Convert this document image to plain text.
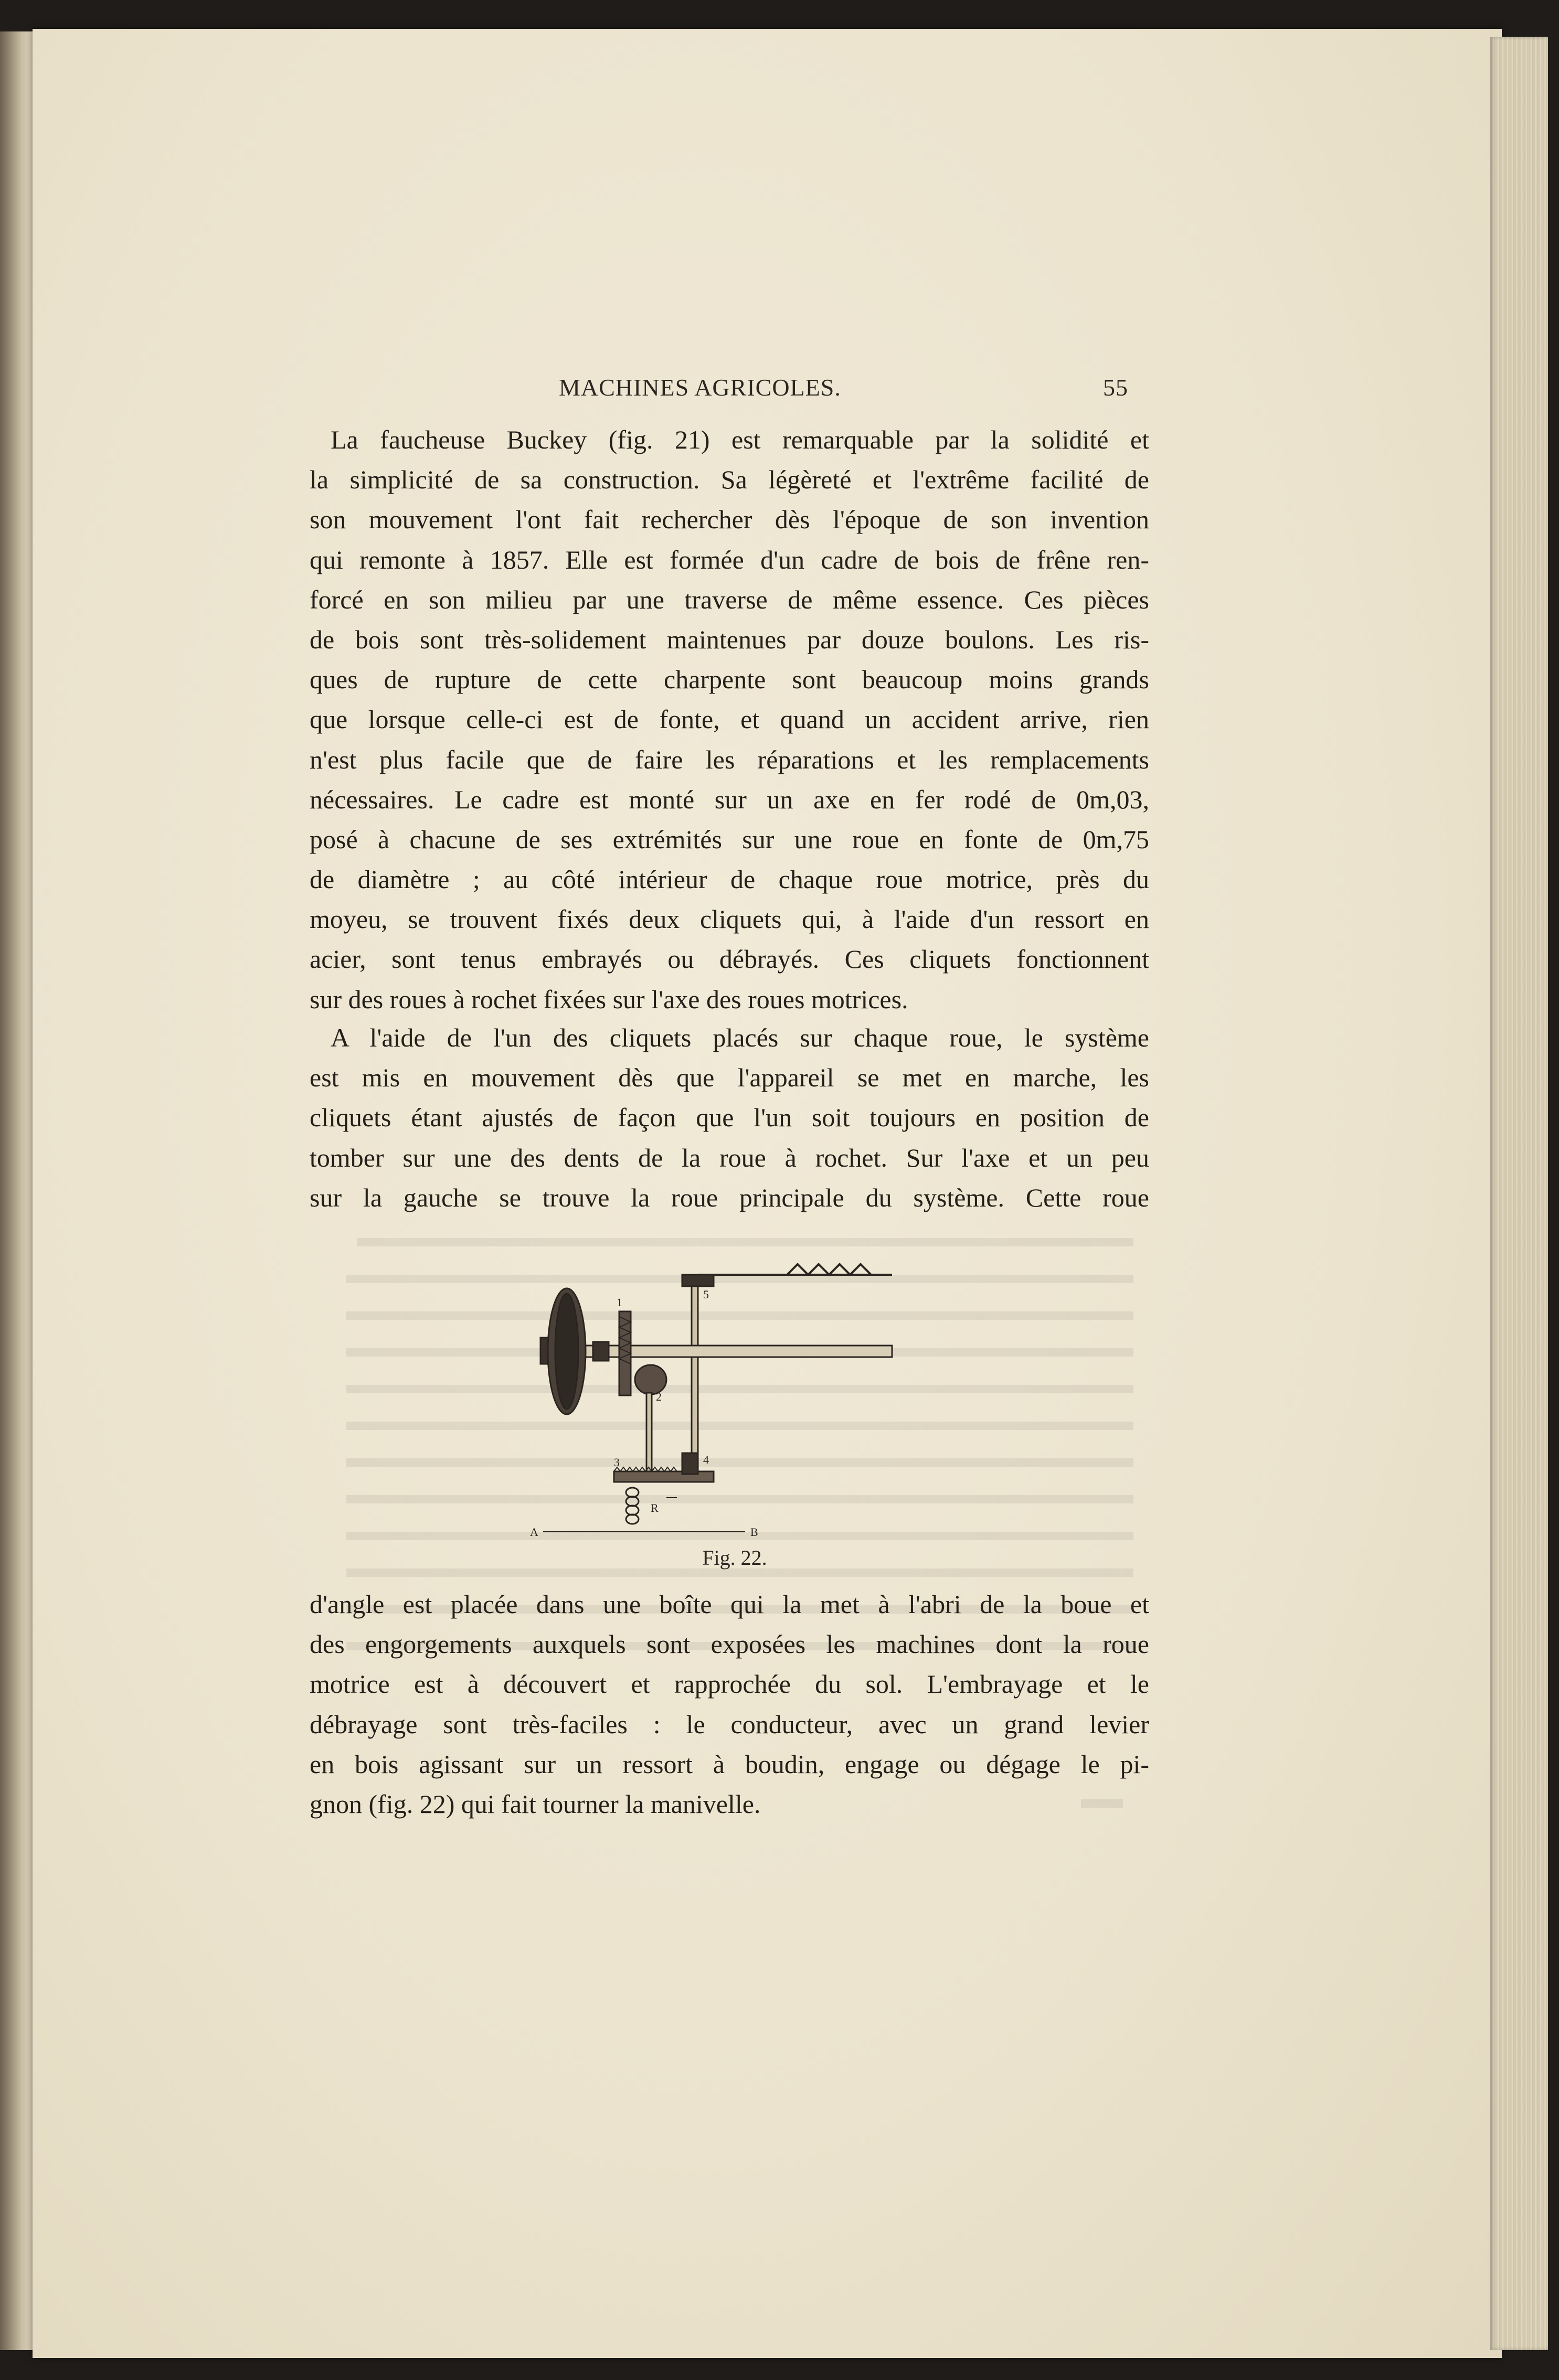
MACHINES AGRICOLES.	55
La faucheuse Buckey (fig. 21) est remarquable par la solidité et
la simplicité de sa construction. Sa légèreté et l'extrême facilité de
son mouvement l'ont fait rechercher dès l'époque de son invention
qui remonte à 1857. Elle est formée d'un cadre de bois de frêne ren-
forcé en son milieu par une traverse de même essence. Ces pièces
de bois sont très-solidement maintenues par douze boulons. Les ris-
ques de rupture de cette charpente sont beaucoup moins grands
que lorsque celle-ci est de fonte, et quand un accident arrive, rien
n'est plus facile que de faire les réparations et les remplacements
nécessaires. Le cadre est monté sur un axe en fer rodé de 0m,03,
posé à chacune de ses extrémités sur une roue en fonte de 0m,75
de diamètre ; au côté intérieur de chaque roue motrice, près du
moyeu, se trouvent fixés deux cliquets qui, à l'aide d'un ressort en
acier, sont tenus embrayés ou débrayés. Ces cliquets fonctionnent
sur des roues à rochet fixées sur l'axe des roues motrices.
A l'aide de l'un des cliquets placés sur chaque roue, le système
est mis en mouvement dès que l'appareil se met en marche, les
cliquets étant ajustés de façon que l'un soit toujours en position de
tomber sur une des dents de la roue à rochet. Sur l'axe et un peu
sur la gauche se trouve la roue principale du système. Cette roue
1
2
3	4
5
R
A	B
Fig. 22.
d'angle est placée dans une boîte qui la met à l'abri de la boue et
des engorgements auxquels sont exposées les machines dont la roue
motrice est à découvert et rapprochée du sol. L'embrayage et le
débrayage sont très-faciles : le conducteur, avec un grand levier
en bois agissant sur un ressort à boudin, engage ou dégage le pi-
gnon (fig. 22) qui fait tourner la manivelle.
